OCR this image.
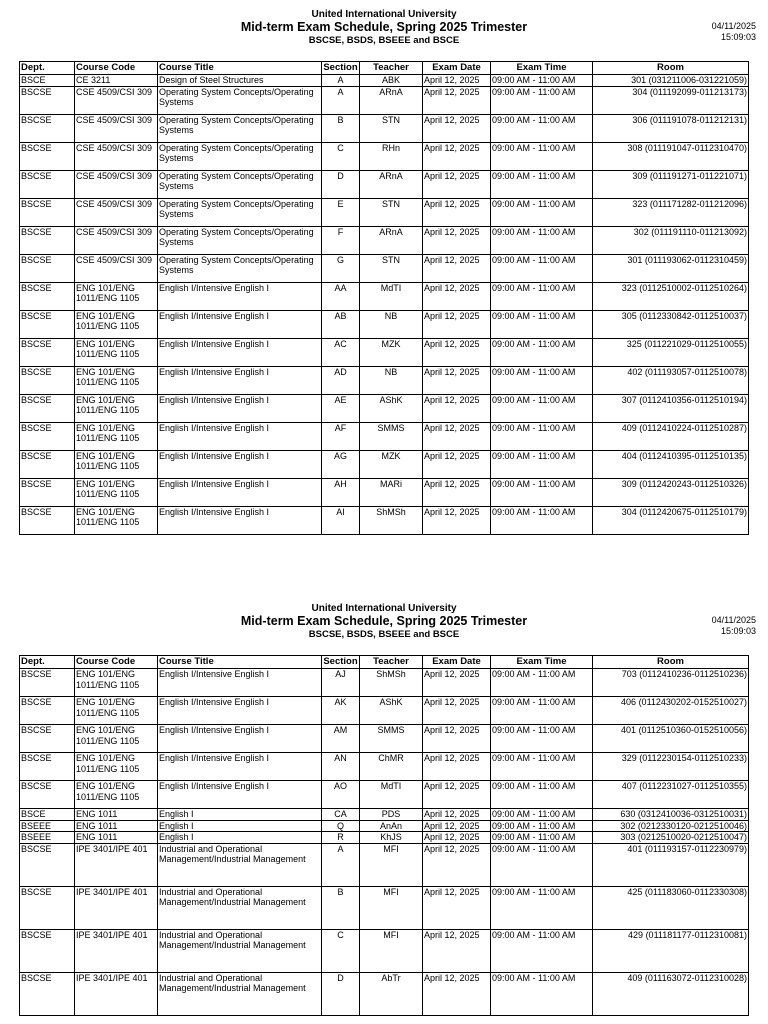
United International University
Mid-term Exam Schedule, Spring 2025 Trimester
BSCSE, BSDS, BSEEE and BSCE
04/11/2025
15:09:03
Dept.	Course Code	Course Title	Section	Teacher	Exam Date	Exam Time	Room
BSCE	CE 3211	Design of Steel Structures	A	ABK	April 12, 2025	09:00 AM - 11:00 AM	301 (031211006-031221059)
BSCSE	CSE 4509/CSI 309	Operating System Concepts/Operating Systems	A	ARnA	April 12, 2025	09:00 AM - 11:00 AM	304 (011192099-011213173)
BSCSE	CSE 4509/CSI 309	Operating System Concepts/Operating Systems	B	STN	April 12, 2025	09:00 AM - 11:00 AM	306 (011191078-011212131)
BSCSE	CSE 4509/CSI 309	Operating System Concepts/Operating Systems	C	RHn	April 12, 2025	09:00 AM - 11:00 AM	308 (011191047-0112310470)
BSCSE	CSE 4509/CSI 309	Operating System Concepts/Operating Systems	D	ARnA	April 12, 2025	09:00 AM - 11:00 AM	309 (011191271-011221071)
BSCSE	CSE 4509/CSI 309	Operating System Concepts/Operating Systems	E	STN	April 12, 2025	09:00 AM - 11:00 AM	323 (011171282-011212096)
BSCSE	CSE 4509/CSI 309	Operating System Concepts/Operating Systems	F	ARnA	April 12, 2025	09:00 AM - 11:00 AM	302 (011191110-011213092)
BSCSE	CSE 4509/CSI 309	Operating System Concepts/Operating Systems	G	STN	April 12, 2025	09:00 AM - 11:00 AM	301 (011193062-0112310459)
BSCSE	ENG 101/ENG 1011/ENG 1105	English I/Intensive English I	AA	MdTI	April 12, 2025	09:00 AM - 11:00 AM	323 (0112510002-0112510264)
BSCSE	ENG 101/ENG 1011/ENG 1105	English I/Intensive English I	AB	NB	April 12, 2025	09:00 AM - 11:00 AM	305 (0112330842-0112510037)
BSCSE	ENG 101/ENG 1011/ENG 1105	English I/Intensive English I	AC	MZK	April 12, 2025	09:00 AM - 11:00 AM	325 (011221029-0112510055)
BSCSE	ENG 101/ENG 1011/ENG 1105	English I/Intensive English I	AD	NB	April 12, 2025	09:00 AM - 11:00 AM	402 (011193057-0112510078)
BSCSE	ENG 101/ENG 1011/ENG 1105	English I/Intensive English I	AE	AShK	April 12, 2025	09:00 AM - 11:00 AM	307 (0112410356-0112510194)
BSCSE	ENG 101/ENG 1011/ENG 1105	English I/Intensive English I	AF	SMMS	April 12, 2025	09:00 AM - 11:00 AM	409 (0112410224-0112510287)
BSCSE	ENG 101/ENG 1011/ENG 1105	English I/Intensive English I	AG	MZK	April 12, 2025	09:00 AM - 11:00 AM	404 (0112410395-0112510135)
BSCSE	ENG 101/ENG 1011/ENG 1105	English I/Intensive English I	AH	MARi	April 12, 2025	09:00 AM - 11:00 AM	309 (0112420243-0112510326)
BSCSE	ENG 101/ENG 1011/ENG 1105	English I/Intensive English I	AI	ShMSh	April 12, 2025	09:00 AM - 11:00 AM	304 (0112420675-0112510179)
United International University
Mid-term Exam Schedule, Spring 2025 Trimester
BSCSE, BSDS, BSEEE and BSCE
04/11/2025
15:09:03
Dept.	Course Code	Course Title	Section	Teacher	Exam Date	Exam Time	Room
BSCSE	ENG 101/ENG 1011/ENG 1105	English I/Intensive English I	AJ	ShMSh	April 12, 2025	09:00 AM - 11:00 AM	703 (0112410236-0112510236)
BSCSE	ENG 101/ENG 1011/ENG 1105	English I/Intensive English I	AK	AShK	April 12, 2025	09:00 AM - 11:00 AM	406 (0112430202-0152510027)
BSCSE	ENG 101/ENG 1011/ENG 1105	English I/Intensive English I	AM	SMMS	April 12, 2025	09:00 AM - 11:00 AM	401 (0112510360-0152510056)
BSCSE	ENG 101/ENG 1011/ENG 1105	English I/Intensive English I	AN	ChMR	April 12, 2025	09:00 AM - 11:00 AM	329 (0112230154-0112510233)
BSCSE	ENG 101/ENG 1011/ENG 1105	English I/Intensive English I	AO	MdTI	April 12, 2025	09:00 AM - 11:00 AM	407 (0112231027-0112510355)
BSCE	ENG 1011	English I	CA	PDS	April 12, 2025	09:00 AM - 11:00 AM	630 (0312410036-0312510031)
BSEEE	ENG 1011	English I	Q	AnAn	April 12, 2025	09:00 AM - 11:00 AM	302 (0212330120-0212510046)
BSEEE	ENG 1011	English I	R	KhJS	April 12, 2025	09:00 AM - 11:00 AM	303 (0212510020-0212510047)
BSCSE	IPE 3401/IPE 401	Industrial and Operational Management/Industrial Management	A	MFI	April 12, 2025	09:00 AM - 11:00 AM	401 (011193157-0112230979)
BSCSE	IPE 3401/IPE 401	Industrial and Operational Management/Industrial Management	B	MFI	April 12, 2025	09:00 AM - 11:00 AM	425 (011183060-0112330308)
BSCSE	IPE 3401/IPE 401	Industrial and Operational Management/Industrial Management	C	MFI	April 12, 2025	09:00 AM - 11:00 AM	429 (011181177-0112310081)
BSCSE	IPE 3401/IPE 401	Industrial and Operational Management/Industrial Management	D	AbTr	April 12, 2025	09:00 AM - 11:00 AM	409 (011163072-0112310028)
